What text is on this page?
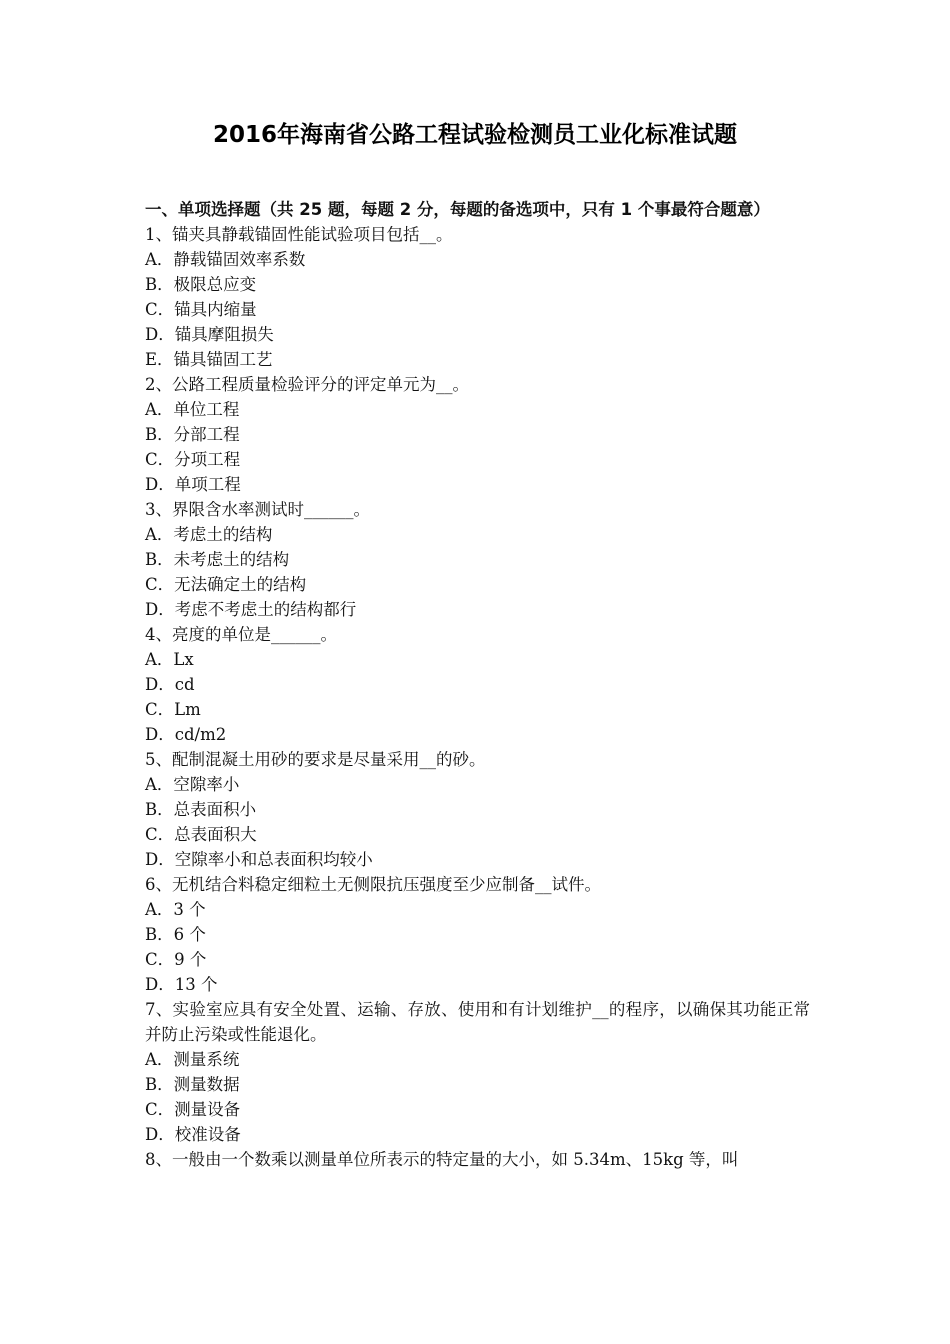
2016年海南省公路工程试验检测员工业化标准试题

一、单项选择题（共 25 题，每题 2 分，每题的备选项中，只有 1 个事最符合题意）

1、锚夹具静载锚固性能试验项目包括__。

A．静载锚固效率系数

B．极限总应变

C．锚具内缩量

D．锚具摩阻损失

E．锚具锚固工艺

2、公路工程质量检验评分的评定单元为__。

A．单位工程

B．分部工程

C．分项工程

D．单项工程

3、界限含水率测试时______。

A．考虑土的结构

B．未考虑土的结构

C．无法确定土的结构

D．考虑不考虑土的结构都行

4、亮度的单位是______。

A．Lx

D．cd

C．Lm

D．cd/m2

5、配制混凝土用砂的要求是尽量采用__的砂。

A．空隙率小

B．总表面积小

C．总表面积大

D．空隙率小和总表面积均较小

6、无机结合料稳定细粒土无侧限抗压强度至少应制备__试件。

A．3 个

B．6 个

C．9 个

D．13 个

7、实验室应具有安全处置、运输、存放、使用和有计划维护__的程序，以确保其功能正常并防止污染或性能退化。

A．测量系统

B．测量数据

C．测量设备

D．校准设备

8、一般由一个数乘以测量单位所表示的特定量的大小，如 5.34m、15kg 等，叫
